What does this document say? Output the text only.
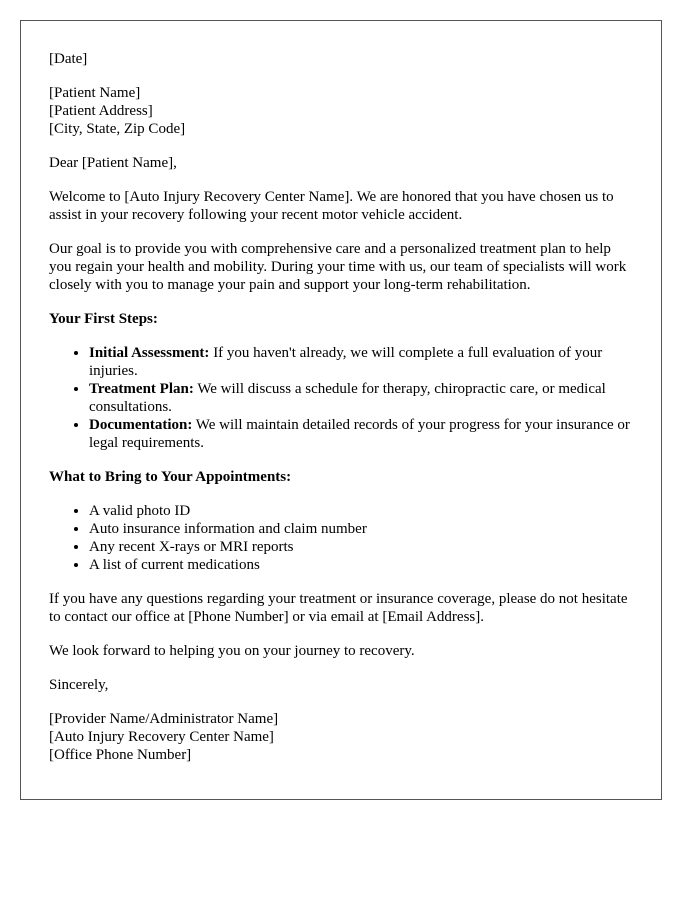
[Date]

[Patient Name]
[Patient Address]
[City, State, Zip Code]

Dear [Patient Name],

Welcome to [Auto Injury Recovery Center Name]. We are honored that you have chosen us to assist in your recovery following your recent motor vehicle accident.

Our goal is to provide you with comprehensive care and a personalized treatment plan to help you regain your health and mobility. During your time with us, our team of specialists will work closely with you to manage your pain and support your long-term rehabilitation.

Your First Steps:
• Initial Assessment: If you haven't already, we will complete a full evaluation of your injuries.
• Treatment Plan: We will discuss a schedule for therapy, chiropractic care, or medical consultations.
• Documentation: We will maintain detailed records of your progress for your insurance or legal requirements.
What to Bring to Your Appointments:
• A valid photo ID
• Auto insurance information and claim number
• Any recent X-rays or MRI reports
• A list of current medications

If you have any questions regarding your treatment or insurance coverage, please do not hesitate to contact our office at [Phone Number] or via email at [Email Address].

We look forward to helping you on your journey to recovery.

Sincerely,

[Provider Name/Administrator Name]
[Auto Injury Recovery Center Name]
[Office Phone Number]
